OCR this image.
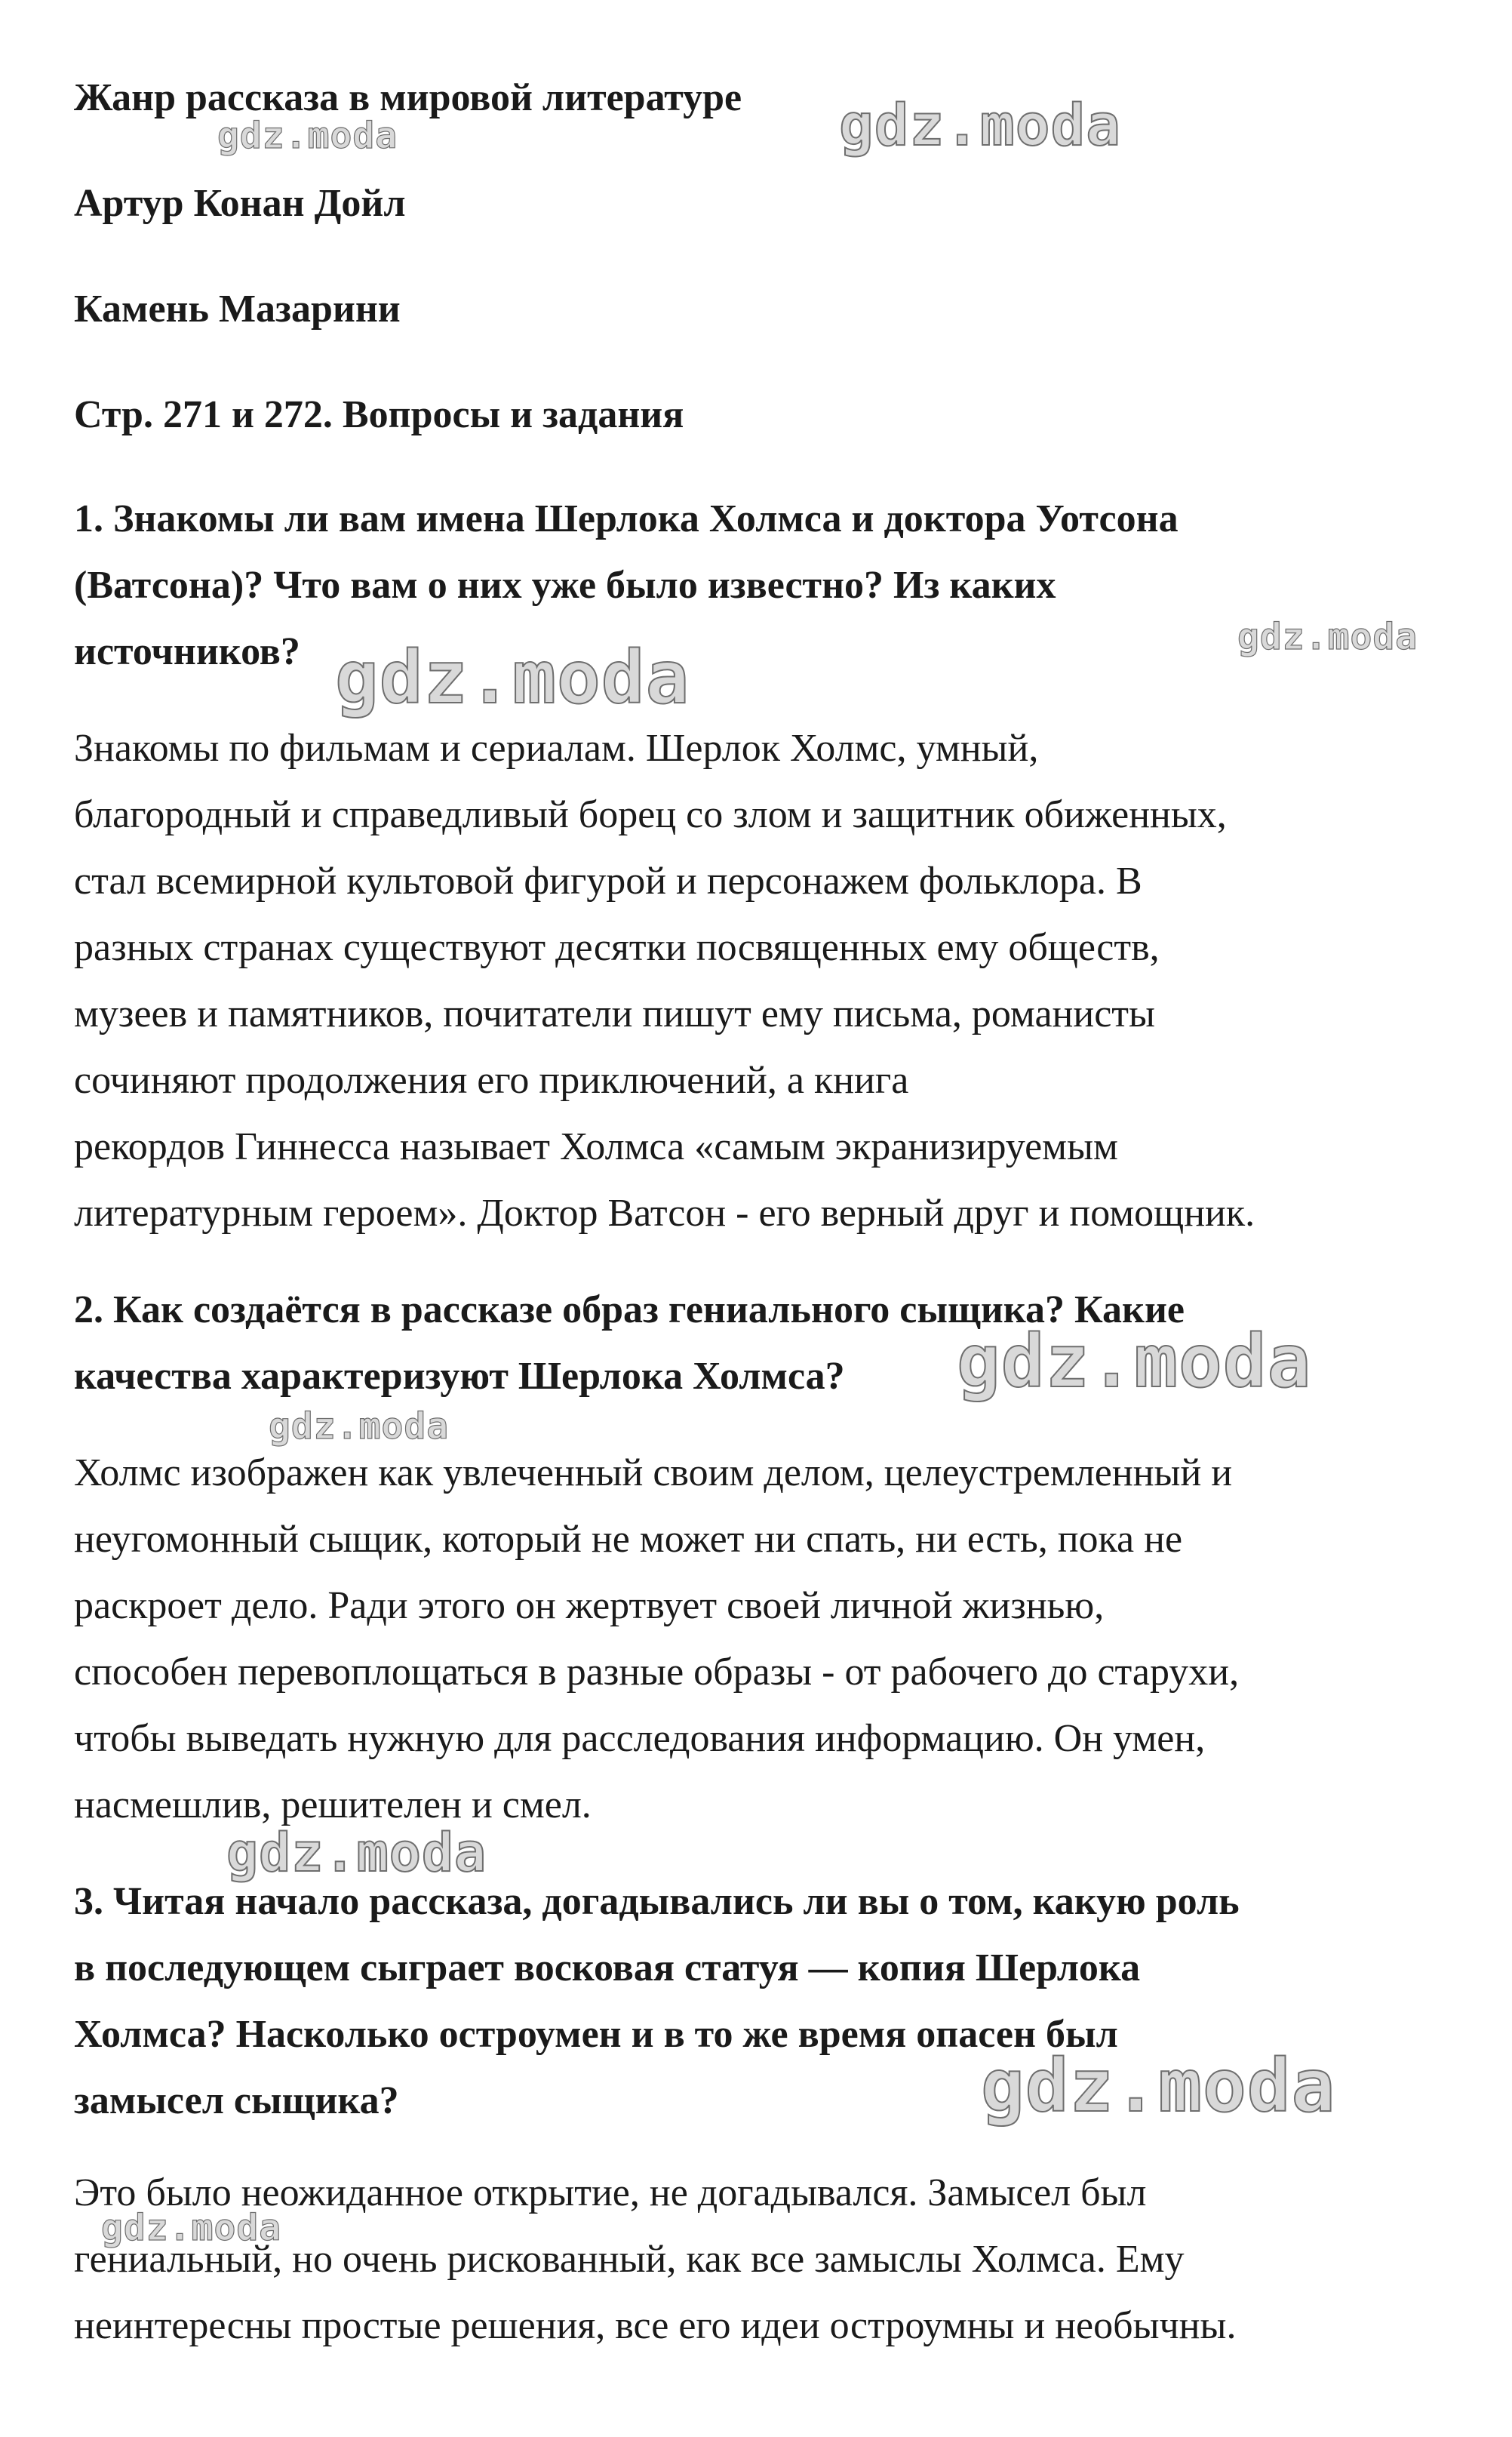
Жанр рассказа в мировой литературе
Артур Конан Дойл
Камень Мазарини
Стр. 271 и 272. Вопросы и задания
1. Знакомы ли вам имена Шерлока Холмса и доктора Уотсона
(Ватсона)? Что вам о них уже было известно? Из каких
источников?
Знакомы по фильмам и сериалам. Шерлок Холмс, умный,
благородный и справедливый борец со злом и защитник обиженных,
стал всемирной культовой фигурой и персонажем фольклора. В
разных странах существуют десятки посвященных ему обществ,
музеев и памятников, почитатели пишут ему письма, романисты
сочиняют продолжения его приключений, а книга
рекордов Гиннесса называет Холмса «самым экранизируемым
литературным героем». Доктор Ватсон - его верный друг и помощник.
2. Как создаётся в рассказе образ гениального сыщика? Какие
качества характеризуют Шерлока Холмса?
Холмс изображен как увлеченный своим делом, целеустремленный и
неугомонный сыщик, который не может ни спать, ни есть, пока не
раскроет дело. Ради этого он жертвует своей личной жизнью,
способен перевоплощаться в разные образы - от рабочего до старухи,
чтобы выведать нужную для расследования информацию. Он умен,
насмешлив, решителен и смел.
3. Читая начало рассказа, догадывались ли вы о том, какую роль
в последующем сыграет восковая статуя — копия Шерлока
Холмса? Насколько остроумен и в то же время опасен был
замысел сыщика?
Это было неожиданное открытие, не догадывался. Замысел был
гениальный, но очень рискованный, как все замыслы Холмса. Ему
неинтересны простые решения, все его идеи остроумны и необычны.
gdz.moda	gdz.moda
gdz.moda
gdz.moda
gdz.moda
gdz.moda
gdz.moda
gdz.moda
gdz.moda
